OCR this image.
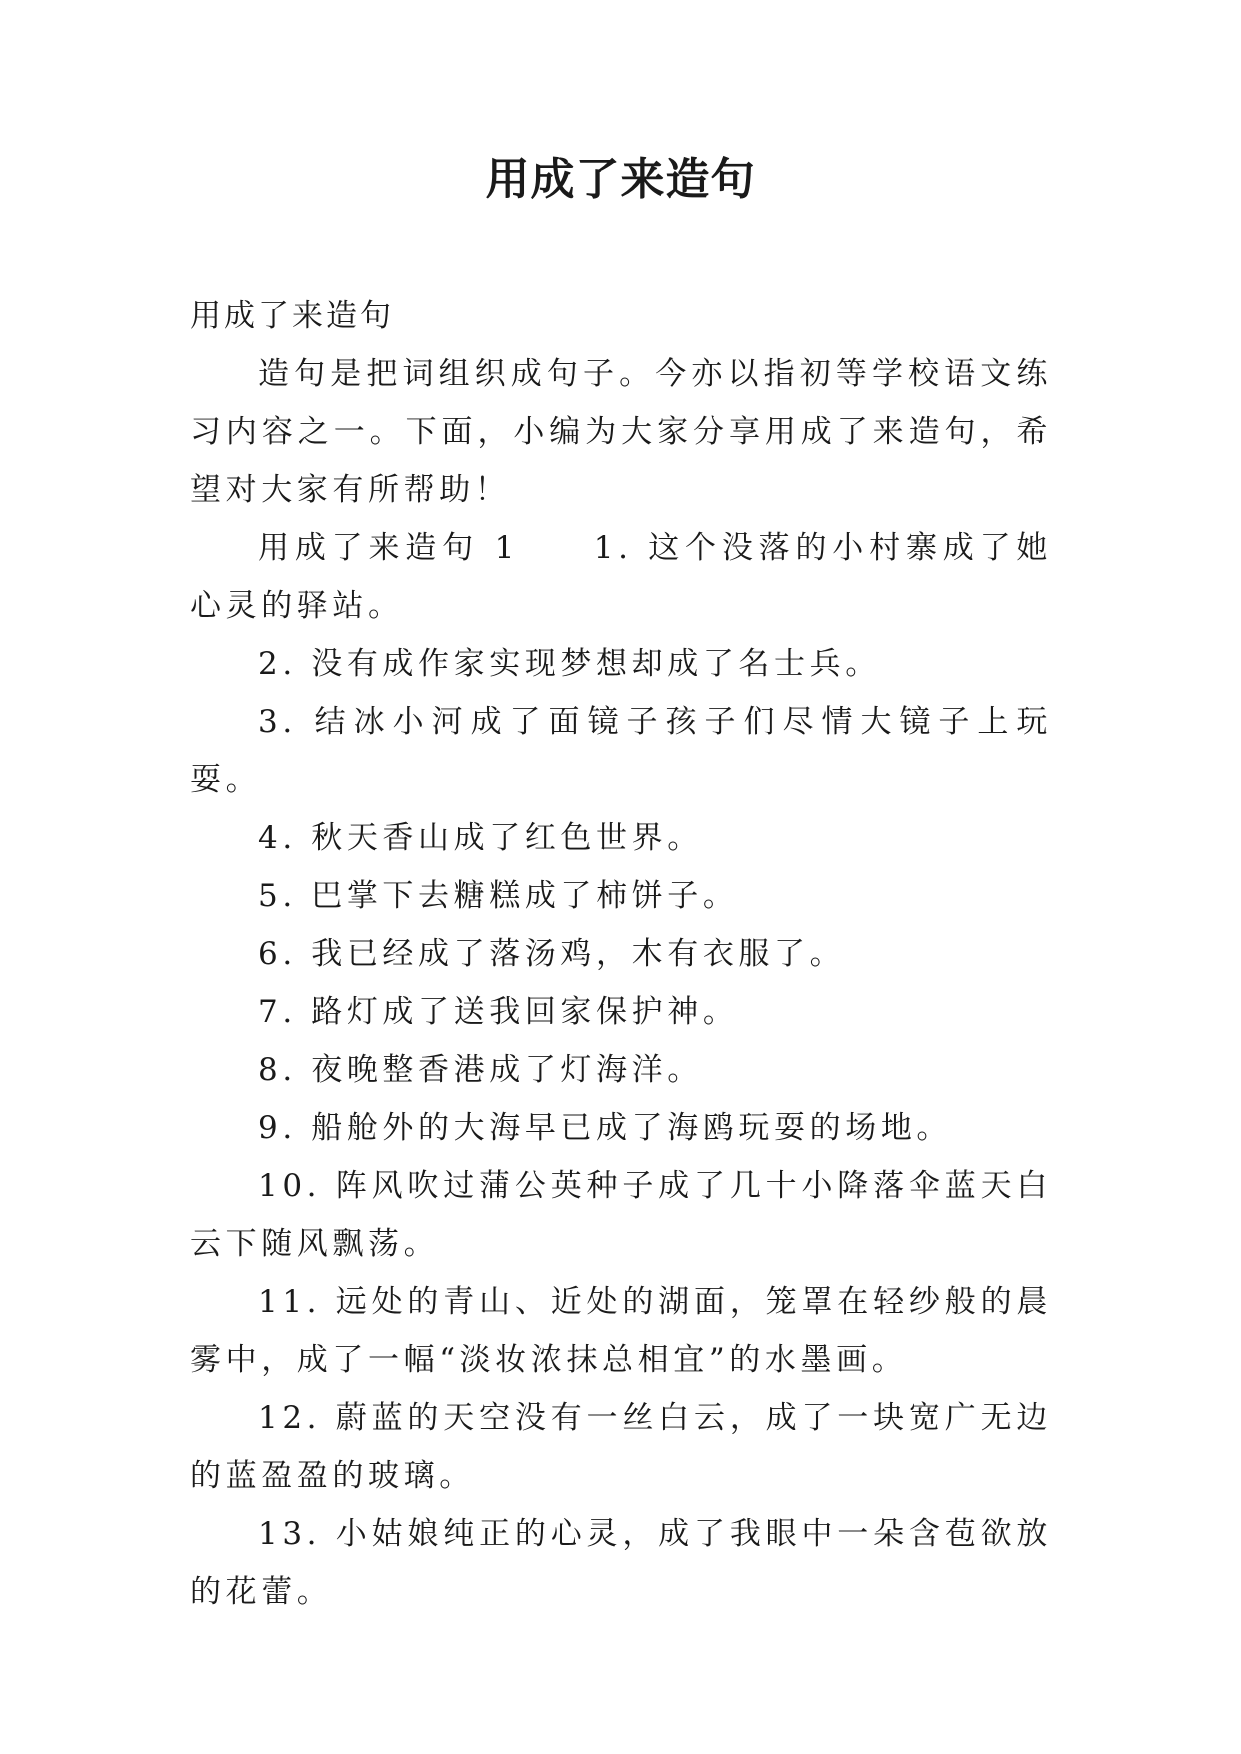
用成了来造句

用成了来造句

造句是把词组织成句子。今亦以指初等学校语文练习内容之一。下面，小编为大家分享用成了来造句，希望对大家有所帮助！

用成了来造句 1　　1. 这个没落的小村寨成了她心灵的驿站。

2. 没有成作家实现梦想却成了名士兵。

3. 结冰小河成了面镜子孩子们尽情大镜子上玩耍。

4. 秋天香山成了红色世界。

5. 巴掌下去糖糕成了柿饼子。

6. 我已经成了落汤鸡，木有衣服了。

7. 路灯成了送我回家保护神。

8. 夜晚整香港成了灯海洋。

9. 船舱外的大海早已成了海鸥玩耍的场地。

10. 阵风吹过蒲公英种子成了几十小降落伞蓝天白云下随风飘荡。

11. 远处的青山、近处的湖面，笼罩在轻纱般的晨雾中，成了一幅“淡妆浓抹总相宜”的水墨画。

12. 蔚蓝的天空没有一丝白云，成了一块宽广无边的蓝盈盈的玻璃。

13. 小姑娘纯正的心灵，成了我眼中一朵含苞欲放的花蕾。
